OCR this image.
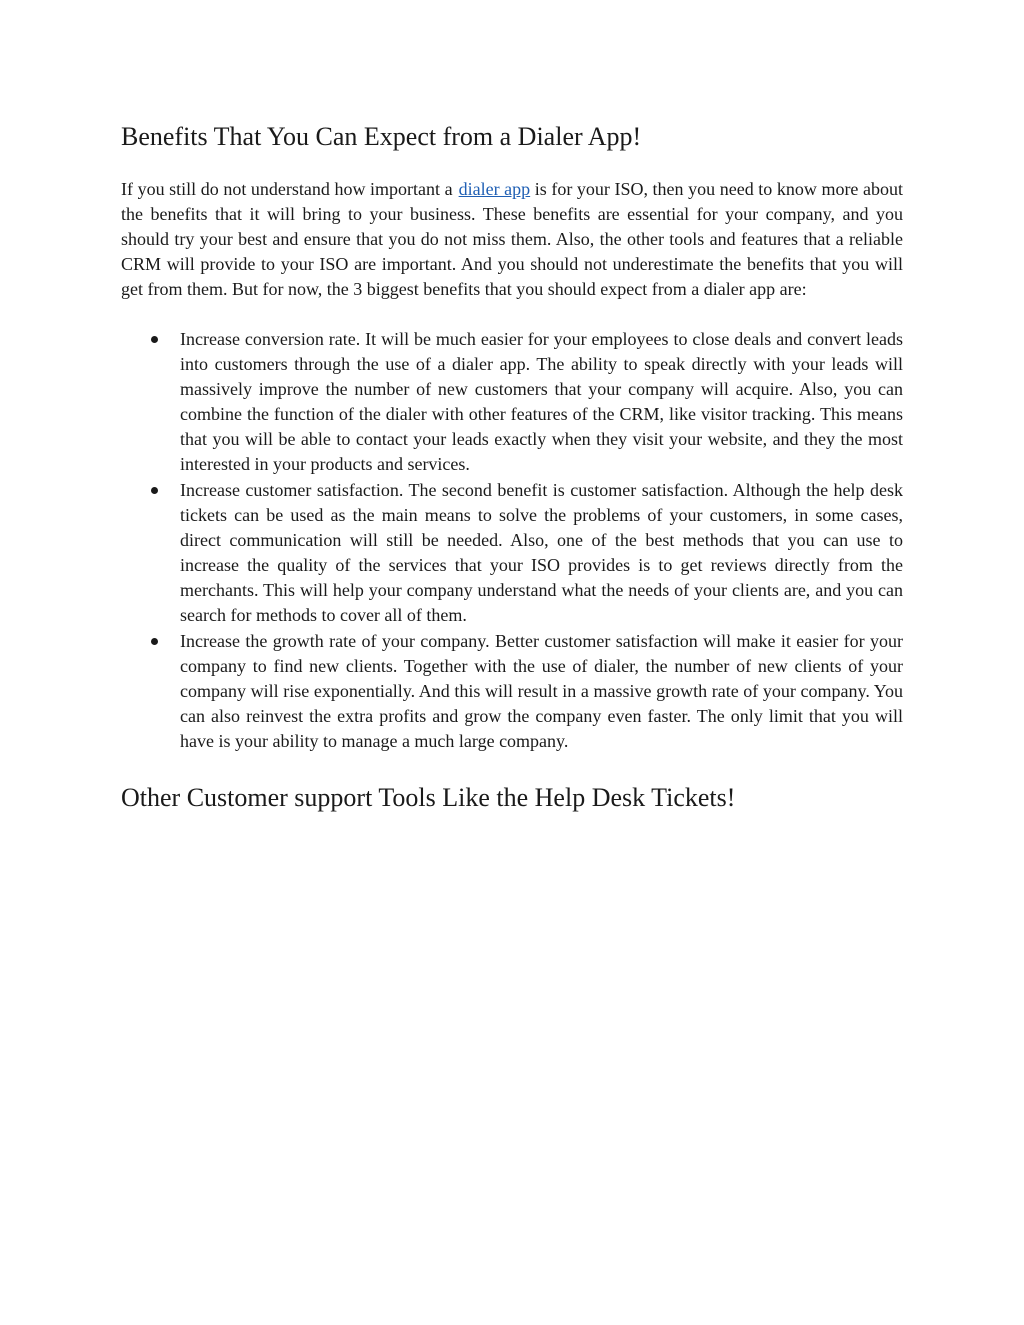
Benefits That You Can Expect from a Dialer App!

If you still do not understand how important a dialer app is for your ISO, then you need to know more about the benefits that it will bring to your business. These benefits are essential for your company, and you should try your best and ensure that you do not miss them. Also, the other tools and features that a reliable CRM will provide to your ISO are important. And you should not underestimate the benefits that you will get from them. But for now, the 3 biggest benefits that you should expect from a dialer app are:

Increase conversion rate. It will be much easier for your employees to close deals and convert leads into customers through the use of a dialer app. The ability to speak directly with your leads will massively improve the number of new customers that your company will acquire. Also, you can combine the function of the dialer with other features of the CRM, like visitor tracking. This means that you will be able to contact your leads exactly when they visit your website, and they the most interested in your products and services.
Increase customer satisfaction. The second benefit is customer satisfaction. Although the help desk tickets can be used as the main means to solve the problems of your customers, in some cases, direct communication will still be needed. Also, one of the best methods that you can use to increase the quality of the services that your ISO provides is to get reviews directly from the merchants. This will help your company understand what the needs of your clients are, and you can search for methods to cover all of them.
Increase the growth rate of your company. Better customer satisfaction will make it easier for your company to find new clients. Together with the use of dialer, the number of new clients of your company will rise exponentially. And this will result in a massive growth rate of your company. You can also reinvest the extra profits and grow the company even faster. The only limit that you will have is your ability to manage a much large company.
Other Customer support Tools Like the Help Desk Tickets!
